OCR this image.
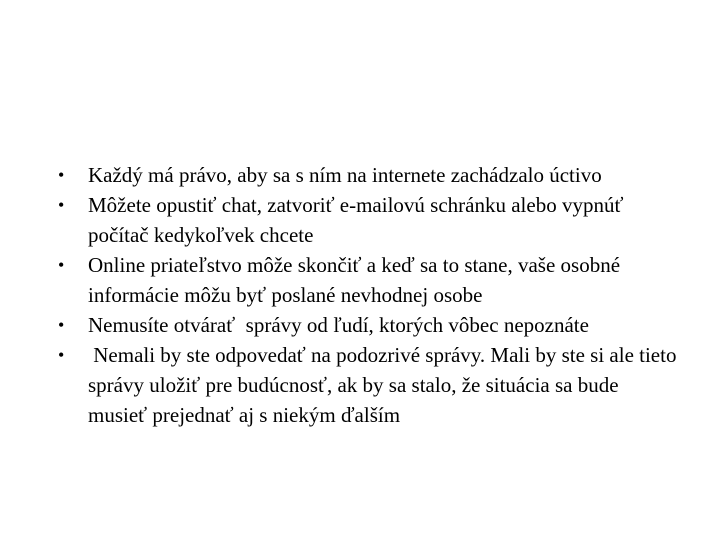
•	Každý má právo, aby sa s ním na internete zachádzalo úctivo
•	Môžete opustiť chat, zatvoriť e-mailovú schránku alebo vypnúť počítač kedykoľvek chcete
•	Online priateľstvo môže skončiť a keď sa to stane, vaše osobné informácie môžu byť poslané nevhodnej osobe
•	Nemusíte otvárať  správy od ľudí, ktorých vôbec nepoznáte
•	Nemali by ste odpovedať na podozrivé správy. Mali by ste si ale tieto správy uložiť pre budúcnosť, ak by sa stalo, že situácia sa bude musieť prejednať aj s niekým ďalším
